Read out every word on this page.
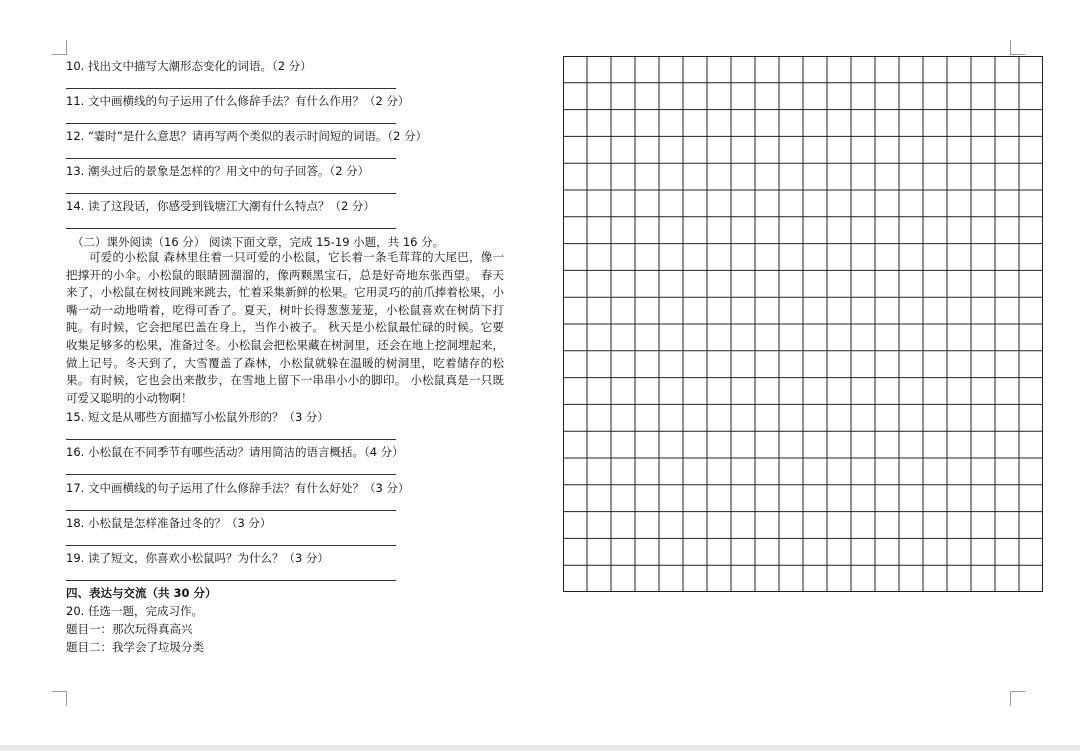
10. 找出文中描写大潮形态变化的词语。（2 分）
11. 文中画横线的句子运用了什么修辞手法？有什么作用？（2 分）
12. “霎时”是什么意思？请再写两个类似的表示时间短的词语。（2 分）
13. 潮头过后的景象是怎样的？用文中的句子回答。（2 分）
14. 读了这段话，你感受到钱塘江大潮有什么特点？（2 分）
（二）课外阅读（16 分） 阅读下面文章，完成 15-19 小题，共 16 分。
可爱的小松鼠 森林里住着一只可爱的小松鼠，它长着一条毛茸茸的大尾巴，像一把撑开的小伞。小松鼠的眼睛圆溜溜的，像两颗黑宝石，总是好奇地东张西望。 春天来了，小松鼠在树枝间跳来跳去，忙着采集新鲜的松果。它用灵巧的前爪捧着松果，小嘴一动一动地啃着，吃得可香了。夏天，树叶长得葱葱茏茏，小松鼠喜欢在树荫下打盹。有时候，它会把尾巴盖在身上，当作小被子。 秋天是小松鼠最忙碌的时候。它要收集足够多的松果，准备过冬。小松鼠会把松果藏在树洞里，还会在地上挖洞埋起来，做上记号。冬天到了，大雪覆盖了森林，小松鼠就躲在温暖的树洞里，吃着储存的松果。有时候，它也会出来散步，在雪地上留下一串串小小的脚印。 小松鼠真是一只既可爱又聪明的小动物啊！
15. 短文是从哪些方面描写小松鼠外形的？（3 分）
16. 小松鼠在不同季节有哪些活动？请用简洁的语言概括。（4 分）
17. 文中画横线的句子运用了什么修辞手法？有什么好处？（3 分）
18. 小松鼠是怎样准备过冬的？（3 分）
19. 读了短文，你喜欢小松鼠吗？为什么？（3 分）
四、表达与交流（共 30 分）
20. 任选一题，完成习作。
题目一：那次玩得真高兴
题目二：我学会了垃圾分类
